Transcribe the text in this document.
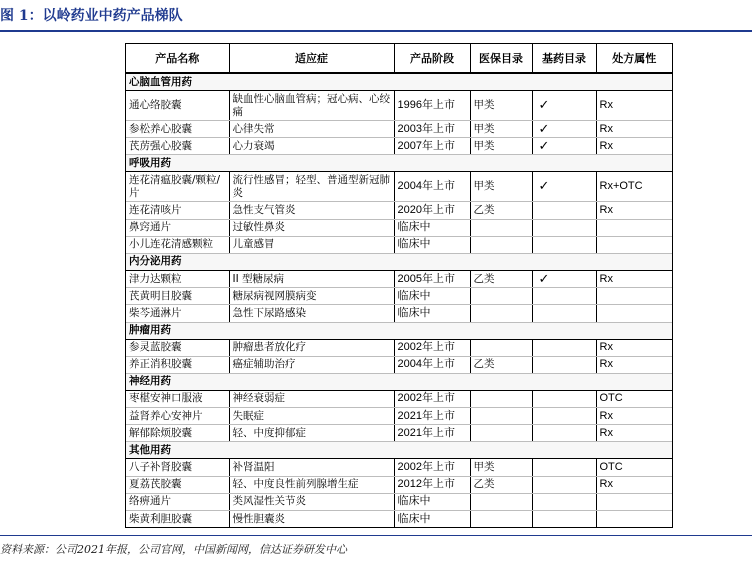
图 1：以岭药业中药产品梯队
产品名称	适应症	产品阶段	医保目录	基药目录	处方属性
心脑血管用药					
通心络胶囊	缺血性心脑血管病；冠心病、心绞痛	1996年上市	甲类	✓	Rx
参松养心胶囊	心律失常	2003年上市	甲类	✓	Rx
芪苈强心胶囊	心力衰竭	2007年上市	甲类	✓	Rx
呼吸用药					
连花清瘟胶囊/颗粒/片	流行性感冒；轻型、普通型新冠肺炎	2004年上市	甲类	✓	Rx+OTC
连花清咳片	急性支气管炎	2020年上市	乙类		Rx
鼻窍通片	过敏性鼻炎	临床中			
小儿连花清感颗粒	儿童感冒	临床中			
内分泌用药					
津力达颗粒	II 型糖尿病	2005年上市	乙类	✓	Rx
芪黄明目胶囊	糖尿病视网膜病变	临床中			
柴芩通淋片	急性下尿路感染	临床中			
肿瘤用药					
参灵蓝胶囊	肿瘤患者放化疗	2002年上市			Rx
养正消积胶囊	癌症辅助治疗	2004年上市	乙类		Rx
神经用药					
枣椹安神口服液	神经衰弱症	2002年上市			OTC
益肾养心安神片	失眠症	2021年上市			Rx
解郁除烦胶囊	轻、中度抑郁症	2021年上市			Rx
其他用药					
八子补肾胶囊	补肾温阳	2002年上市	甲类		OTC
夏荔芪胶囊	轻、中度良性前列腺增生症	2012年上市	乙类		Rx
络痹通片	类风湿性关节炎	临床中			
柴黄利胆胶囊	慢性胆囊炎	临床中			
资料来源：公司2021年报，公司官网，中国新闻网，信达证券研发中心
